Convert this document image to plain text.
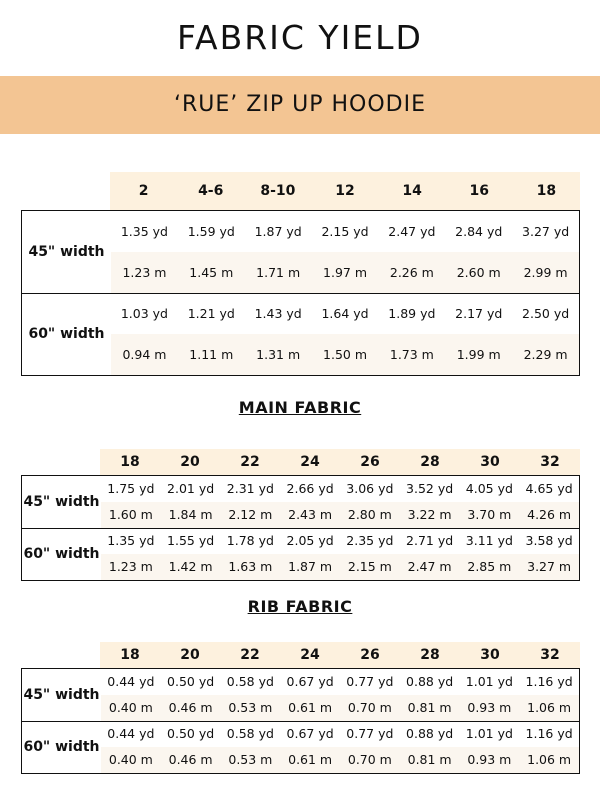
FABRIC YIELD
‘RUE’ ZIP UP HOODIE
2	4-6	8-10	12	14	16	18
45" width
1.35 yd	1.59 yd	1.87 yd	2.15 yd	2.47 yd	2.84 yd	3.27 yd
1.23 m	1.45 m	1.71 m	1.97 m	2.26 m	2.60 m	2.99 m
60" width
1.03 yd	1.21 yd	1.43 yd	1.64 yd	1.89 yd	2.17 yd	2.50 yd
0.94 m	1.11 m	1.31 m	1.50 m	1.73 m	1.99 m	2.29 m
MAIN FABRIC
18	20	22	24	26	28	30	32
45" width
1.75 yd	2.01 yd	2.31 yd	2.66 yd	3.06 yd	3.52 yd	4.05 yd	4.65 yd
1.60 m	1.84 m	2.12 m	2.43 m	2.80 m	3.22 m	3.70 m	4.26 m
60" width
1.35 yd	1.55 yd	1.78 yd	2.05 yd	2.35 yd	2.71 yd	3.11 yd	3.58 yd
1.23 m	1.42 m	1.63 m	1.87 m	2.15 m	2.47 m	2.85 m	3.27 m
RIB FABRIC
18	20	22	24	26	28	30	32
45" width
0.44 yd	0.50 yd	0.58 yd	0.67 yd	0.77 yd	0.88 yd	1.01 yd	1.16 yd
0.40 m	0.46 m	0.53 m	0.61 m	0.70 m	0.81 m	0.93 m	1.06 m
60" width
0.44 yd	0.50 yd	0.58 yd	0.67 yd	0.77 yd	0.88 yd	1.01 yd	1.16 yd
0.40 m	0.46 m	0.53 m	0.61 m	0.70 m	0.81 m	0.93 m	1.06 m
